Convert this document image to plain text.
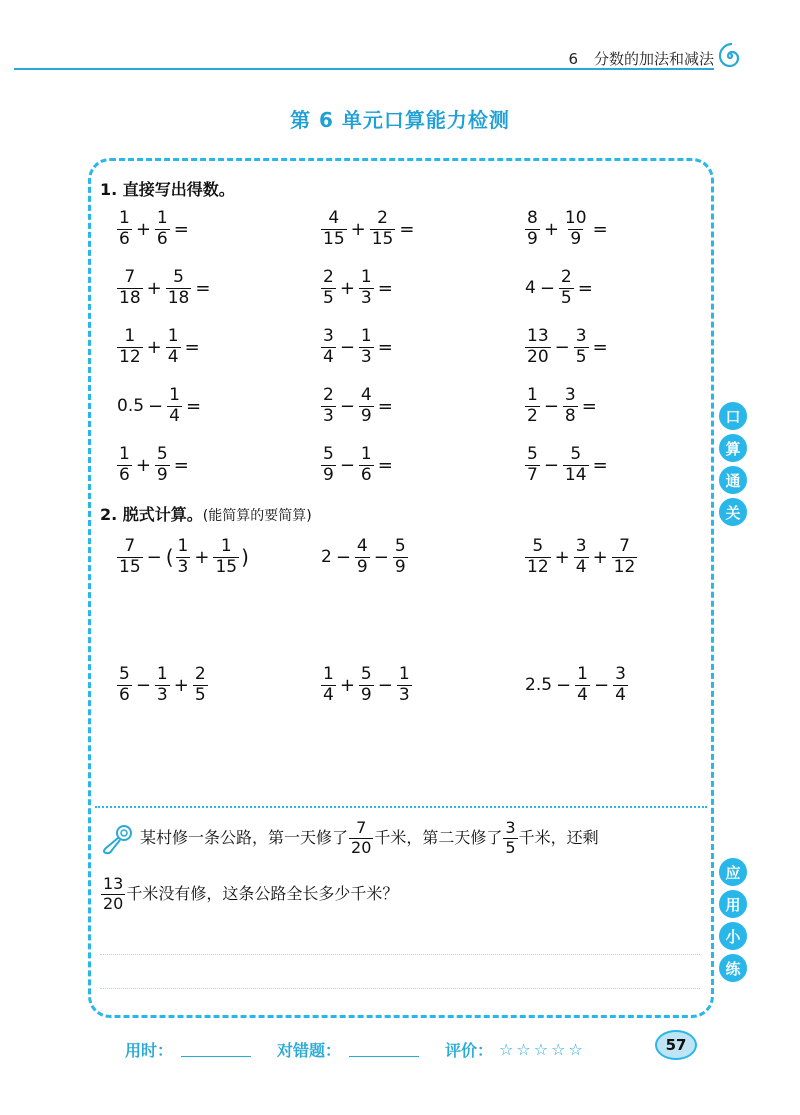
6 分数的加法和减法
第 6 单元口算能力检测
1. 直接写出得数。
$\frac{1}{6} + \frac{1}{6}$ =	$\frac{4}{15} + \frac{2}{15}$ =	$\frac{8}{9} + \frac{10}{9}$ =
$\frac{7}{18} + \frac{5}{18}$ =	$\frac{2}{5} + \frac{1}{3}$ =	$4 - \frac{2}{5}$ =
$\frac{1}{12} + \frac{1}{4}$ =	$\frac{3}{4} - \frac{1}{3}$ =	$\frac{13}{20} - \frac{3}{5}$ =
$0.5 - \frac{1}{4}$ =	$\frac{2}{3} - \frac{4}{9}$ =	$\frac{1}{2} - \frac{3}{8}$ =
$\frac{1}{6} + \frac{5}{9}$ =	$\frac{5}{9} - \frac{1}{6}$ =	$\frac{5}{7} - \frac{5}{14}$ =
2. 脱式计算。(能简算的要简算)
$\frac{7}{15}$ − ( $\frac{1}{3} + \frac{1}{15}$ )	$2 - \frac{4}{9} - \frac{5}{9}$	$\frac{5}{12} + \frac{3}{4} + \frac{7}{12}$
$\frac{5}{6} - \frac{1}{3} + \frac{2}{5}$	$\frac{1}{4} + \frac{5}{9} - \frac{1}{3}$	$2.5 - \frac{1}{4} - \frac{3}{4}$
口
算
通
关
某村修一条公路，第一天修了 $\frac{7}{20}$ 千米，第二天修了 $\frac{3}{5}$ 千米，还剩
$\frac{13}{20}$ 千米没有修，这条公路全长多少千米？
应
用
小
练
用时：	对错题：	评价： ☆☆☆☆☆	57
